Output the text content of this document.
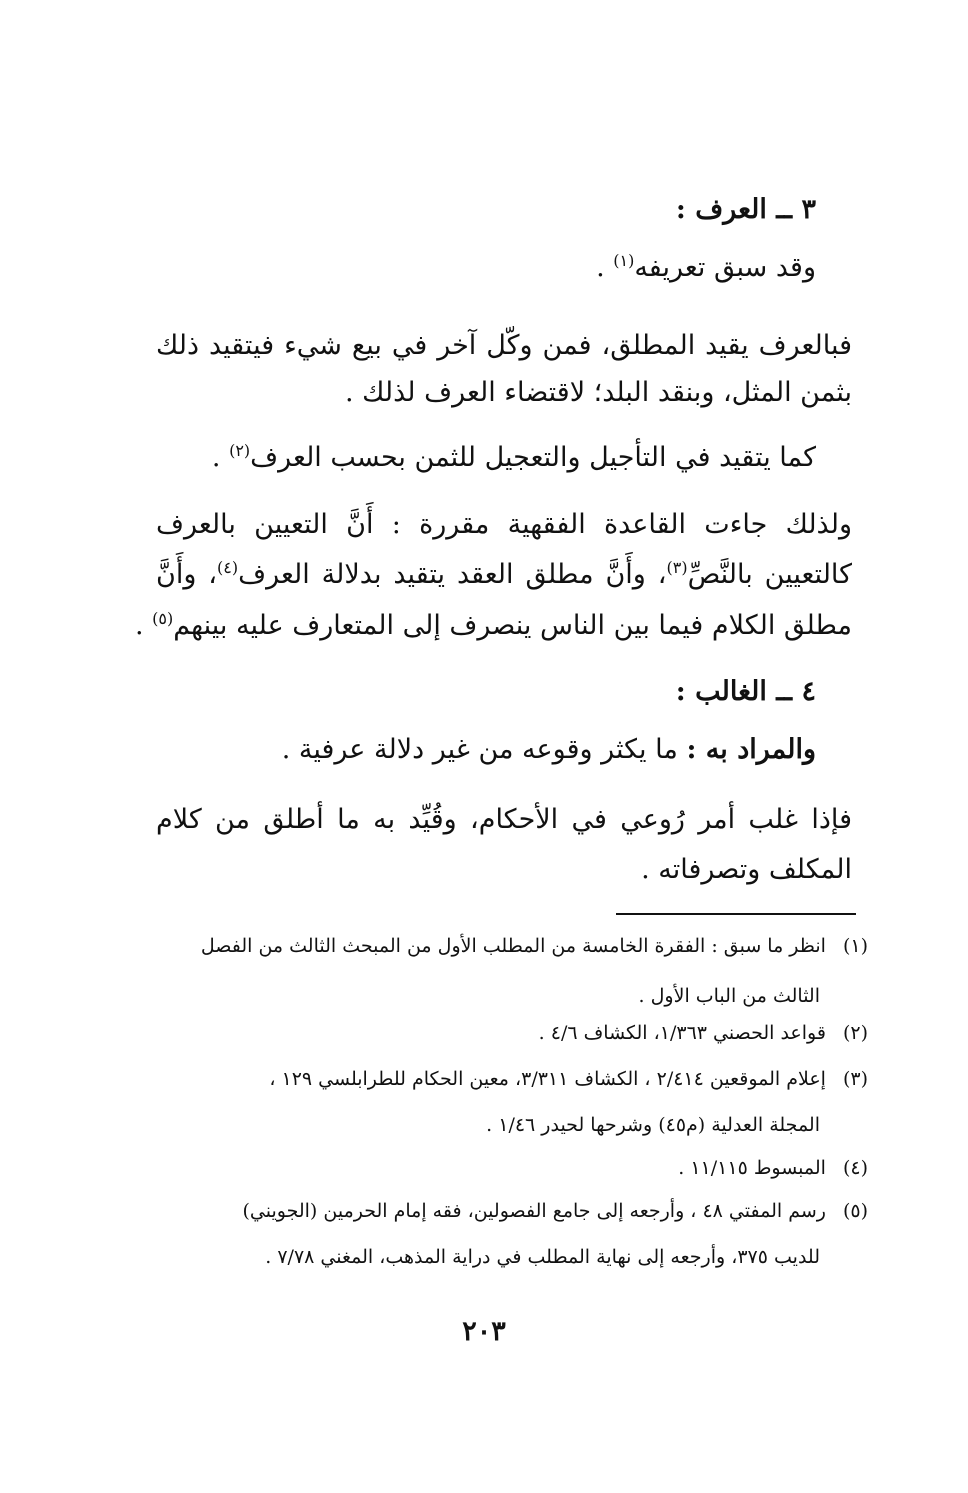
٣ ــ العرف :
وقد سبق تعريفه$^{(١)}$ .
فبالعرف يقيد المطلق، فمن وكّل آخر في بيع شيء فيتقيد ذلك
بثمن المثل، وبنقد البلد؛ لاقتضاء العرف لذلك .
كما يتقيد في التأجيل والتعجيل للثمن بحسب العرف$^{(٢)}$ .
ولذلك جاءت القاعدة الفقهية مقررة : أَنَّ التعيين بالعرف
كالتعيين بالنَّصِّ$^{(٣)}$، وأَنَّ مطلق العقد يتقيد بدلالة العرف$^{(٤)}$، وأَنَّ
مطلق الكلام فيما بين الناس ينصرف إلى المتعارف عليه بينهم$^{(٥)}$ .
٤ ــ الغالب :
والمراد به : ما يكثر وقوعه من غير دلالة عرفية .
فإذا غلب أمر رُوعي في الأحكام، وقُيِّد به ما أطلق من كلام
المكلف وتصرفاته .
(١) انظر ما سبق : الفقرة الخامسة من المطلب الأول من المبحث الثالث من الفصل
الثالث من الباب الأول .
(٢) قواعد الحصني ١/٣٦٣، الكشاف ٤/٦ .
(٣) إعلام الموقعين ٢/٤١٤ ، الكشاف ٣/٣١١، معين الحكام للطرابلسي ١٢٩ ،
المجلة العدلية (م٤٥) وشرحها لحيدر ١/٤٦ .
(٤) المبسوط ١١/١١٥ .
(٥) رسم المفتي ٤٨ ، وأرجعه إلى جامع الفصولين، فقه إمام الحرمين (الجويني)
للديب ٣٧٥، وأرجعه إلى نهاية المطلب في دراية المذهب، المغني ٧/٧٨ .
٢٠٣
